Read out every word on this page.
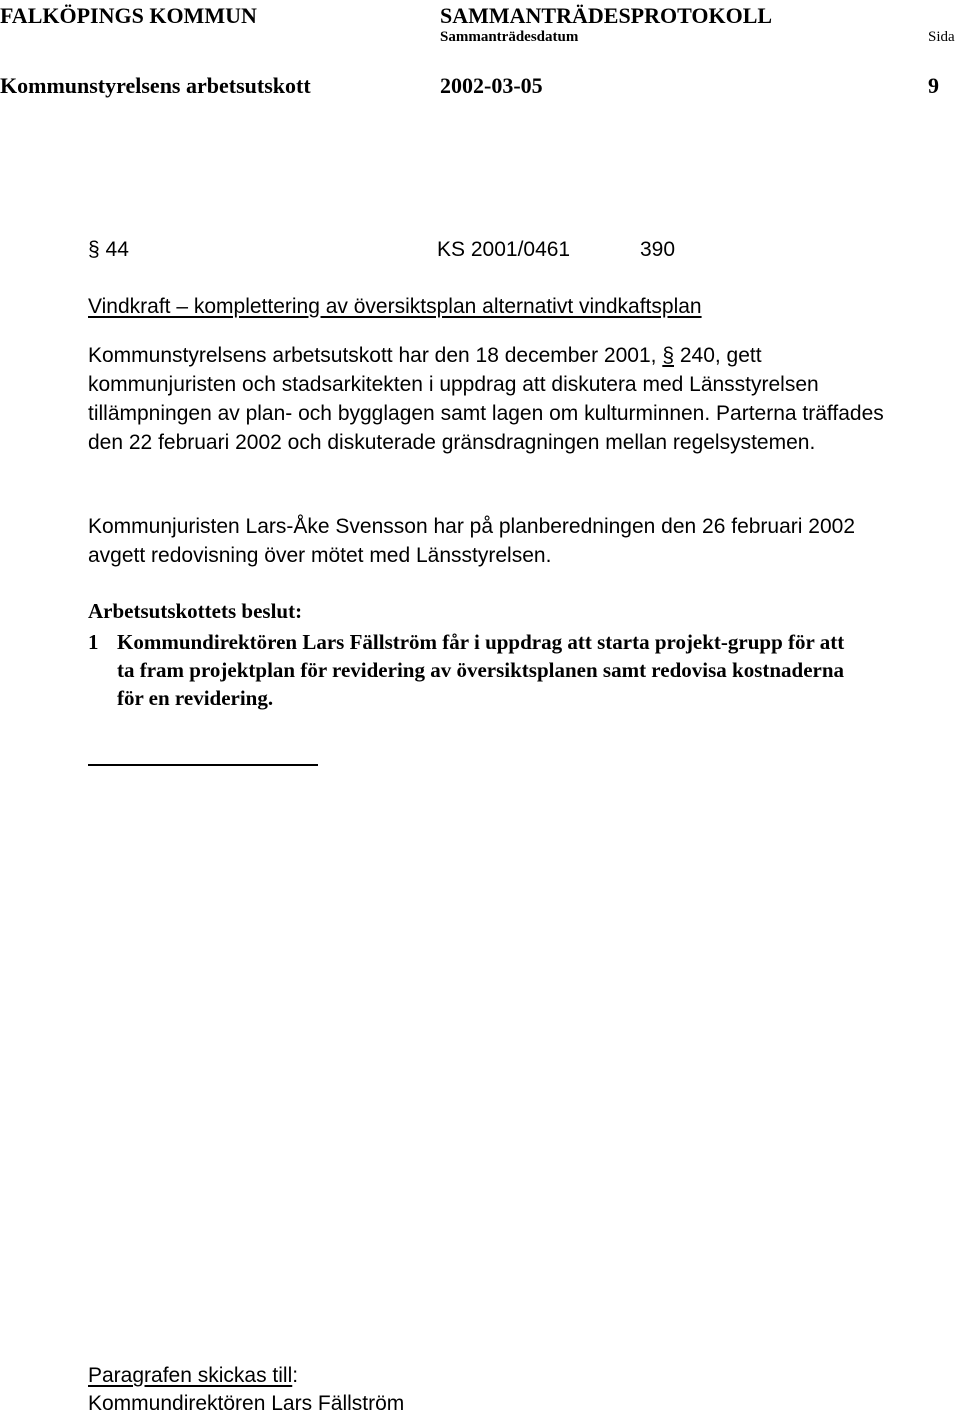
FALKÖPINGS KOMMUN	SAMMANTRÄDESPROTOKOLL
Sammanträdesdatum	Sida
Kommunstyrelsens arbetsutskott	2002-03-05	9
§ 44	KS 2001/0461	390
Vindkraft – komplettering av översiktsplan alternativt vindkaftsplan
Kommunstyrelsens arbetsutskott har den 18 december 2001, § 240, gett kommunjuristen och stadsarkitekten i uppdrag att diskutera med Länsstyrelsen tillämpningen av plan- och bygglagen samt lagen om kulturminnen. Parterna träffades den 22 februari 2002 och diskuterade gränsdragningen mellan regelsystemen.
Kommunjuristen Lars-Åke Svensson har på planberedningen den 26 februari 2002 avgett redovisning över mötet med Länsstyrelsen.
Arbetsutskottets beslut:
1 Kommundirektören Lars Fällström får i uppdrag att starta projekt-grupp för att ta fram projektplan för revidering av översiktsplanen samt redovisa kostnaderna för en revidering.
Paragrafen skickas till:
Kommundirektören Lars Fällström
